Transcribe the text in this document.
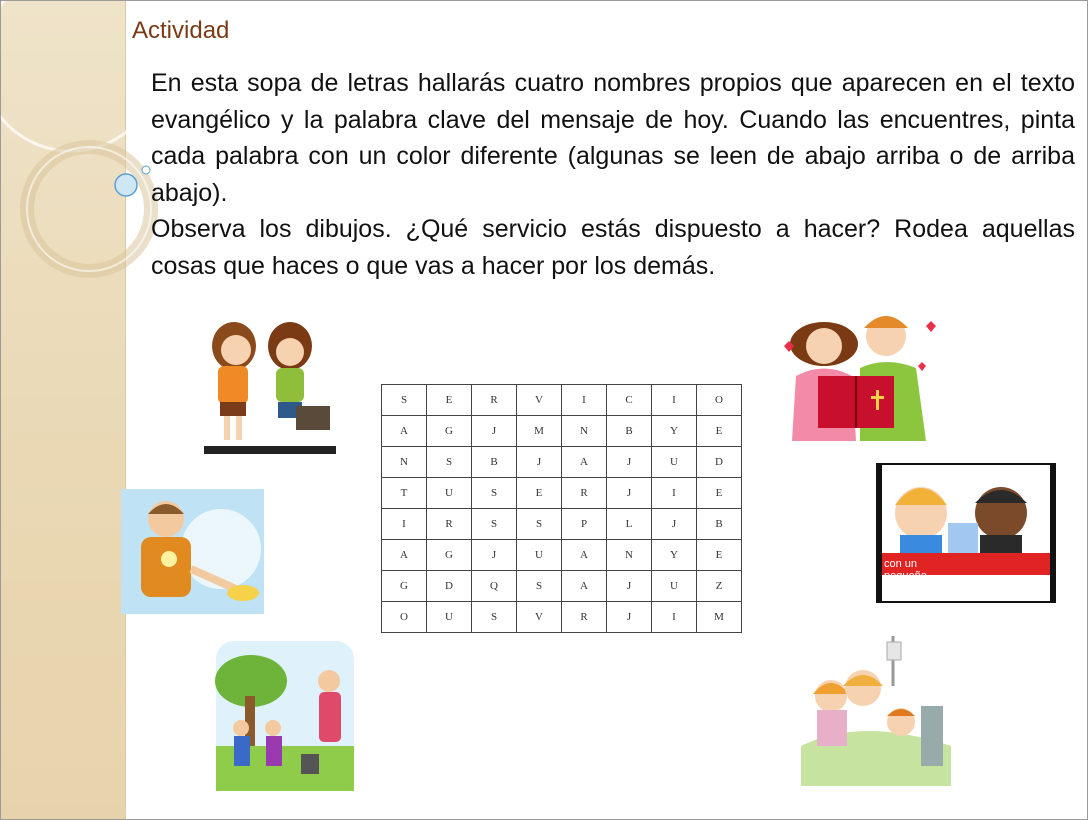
Actividad

En esta sopa de letras hallarás cuatro nombres propios que aparecen en el texto evangélico y la palabra clave del mensaje de hoy. Cuando las encuentres, pinta cada palabra con un color diferente (algunas se leen de abajo arriba o de arriba abajo).

Observa los dibujos. ¿Qué servicio estás dispuesto a hacer? Rodea aquellas cosas que haces o que vas a hacer por los demás.

S	E	R	V	I	C	I	O
A	G	J	M	N	B	Y	E
N	S	B	J	A	J	U	D
T	U	S	E	R	J	I	E
I	R	S	S	P	L	J	B
A	G	J	U	A	N	Y	E
G	D	Q	S	A	J	U	Z
O	U	S	V	R	J	I	M
con un pequeño aporte...
